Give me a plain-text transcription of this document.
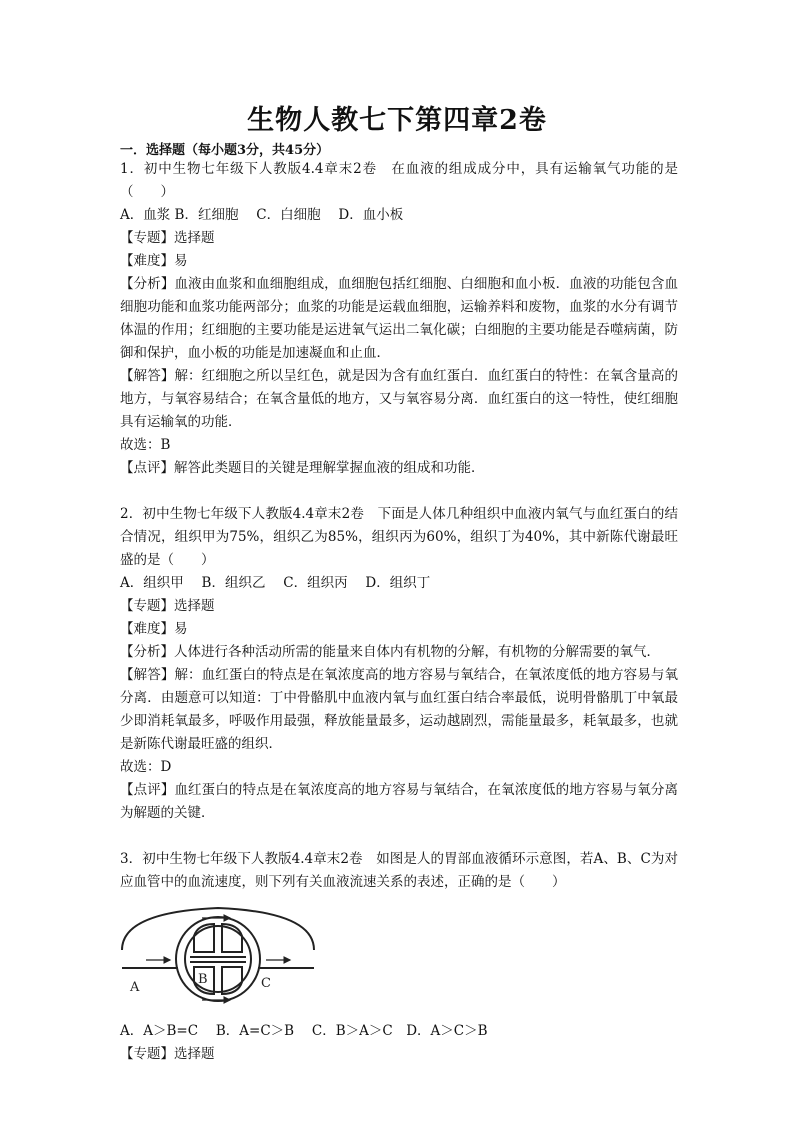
生物人教七下第四章2卷
一．选择题（每小题3分，共45分）

1．初中生物七年级下人教版4.4章末2卷　在血液的组成成分中，具有运输氧气功能的是（　　）

A．血浆 B．红细胞　 C．白细胞　 D．血小板

【专题】选择题

【难度】易

【分析】血液由血浆和血细胞组成，血细胞包括红细胞、白细胞和血小板．血液的功能包含血细胞功能和血浆功能两部分；血浆的功能是运载血细胞，运输养料和废物，血浆的水分有调节体温的作用；红细胞的主要功能是运进氧气运出二氧化碳；白细胞的主要功能是吞噬病菌，防御和保护，血小板的功能是加速凝血和止血．

【解答】解：红细胞之所以呈红色，就是因为含有血红蛋白．血红蛋白的特性：在氧含量高的地方，与氧容易结合；在氧含量低的地方，又与氧容易分离．血红蛋白的这一特性，使红细胞具有运输氧的功能．

故选：B

【点评】解答此类题目的关键是理解掌握血液的组成和功能．

2．初中生物七年级下人教版4.4章末2卷　下面是人体几种组织中血液内氧气与血红蛋白的结合情况，组织甲为75%，组织乙为85%，组织丙为60%，组织丁为40%，其中新陈代谢最旺盛的是（　　）

A．组织甲　 B．组织乙　 C．组织丙　 D．组织丁

【专题】选择题

【难度】易

【分析】人体进行各种活动所需的能量来自体内有机物的分解，有机物的分解需要的氧气．

【解答】解：血红蛋白的特点是在氧浓度高的地方容易与氧结合，在氧浓度低的地方容易与氧分离．由题意可以知道：丁中骨骼肌中血液内氧与血红蛋白结合率最低，说明骨骼肌丁中氧最少即消耗氧最多，呼吸作用最强，释放能量最多，运动越剧烈，需能量最多，耗氧最多，也就是新陈代谢最旺盛的组织．

故选：D

【点评】血红蛋白的特点是在氧浓度高的地方容易与氧结合，在氧浓度低的地方容易与氧分离为解题的关键．

3．初中生物七年级下人教版4.4章末2卷　如图是人的胃部血液循环示意图，若A、B、C为对应血管中的血流速度，则下列有关血液流速关系的表述，正确的是（　　）

A
B	C

A．A＞B=C　 B．A=C＞B　 C．B＞A＞C　D．A＞C＞B

【专题】选择题
